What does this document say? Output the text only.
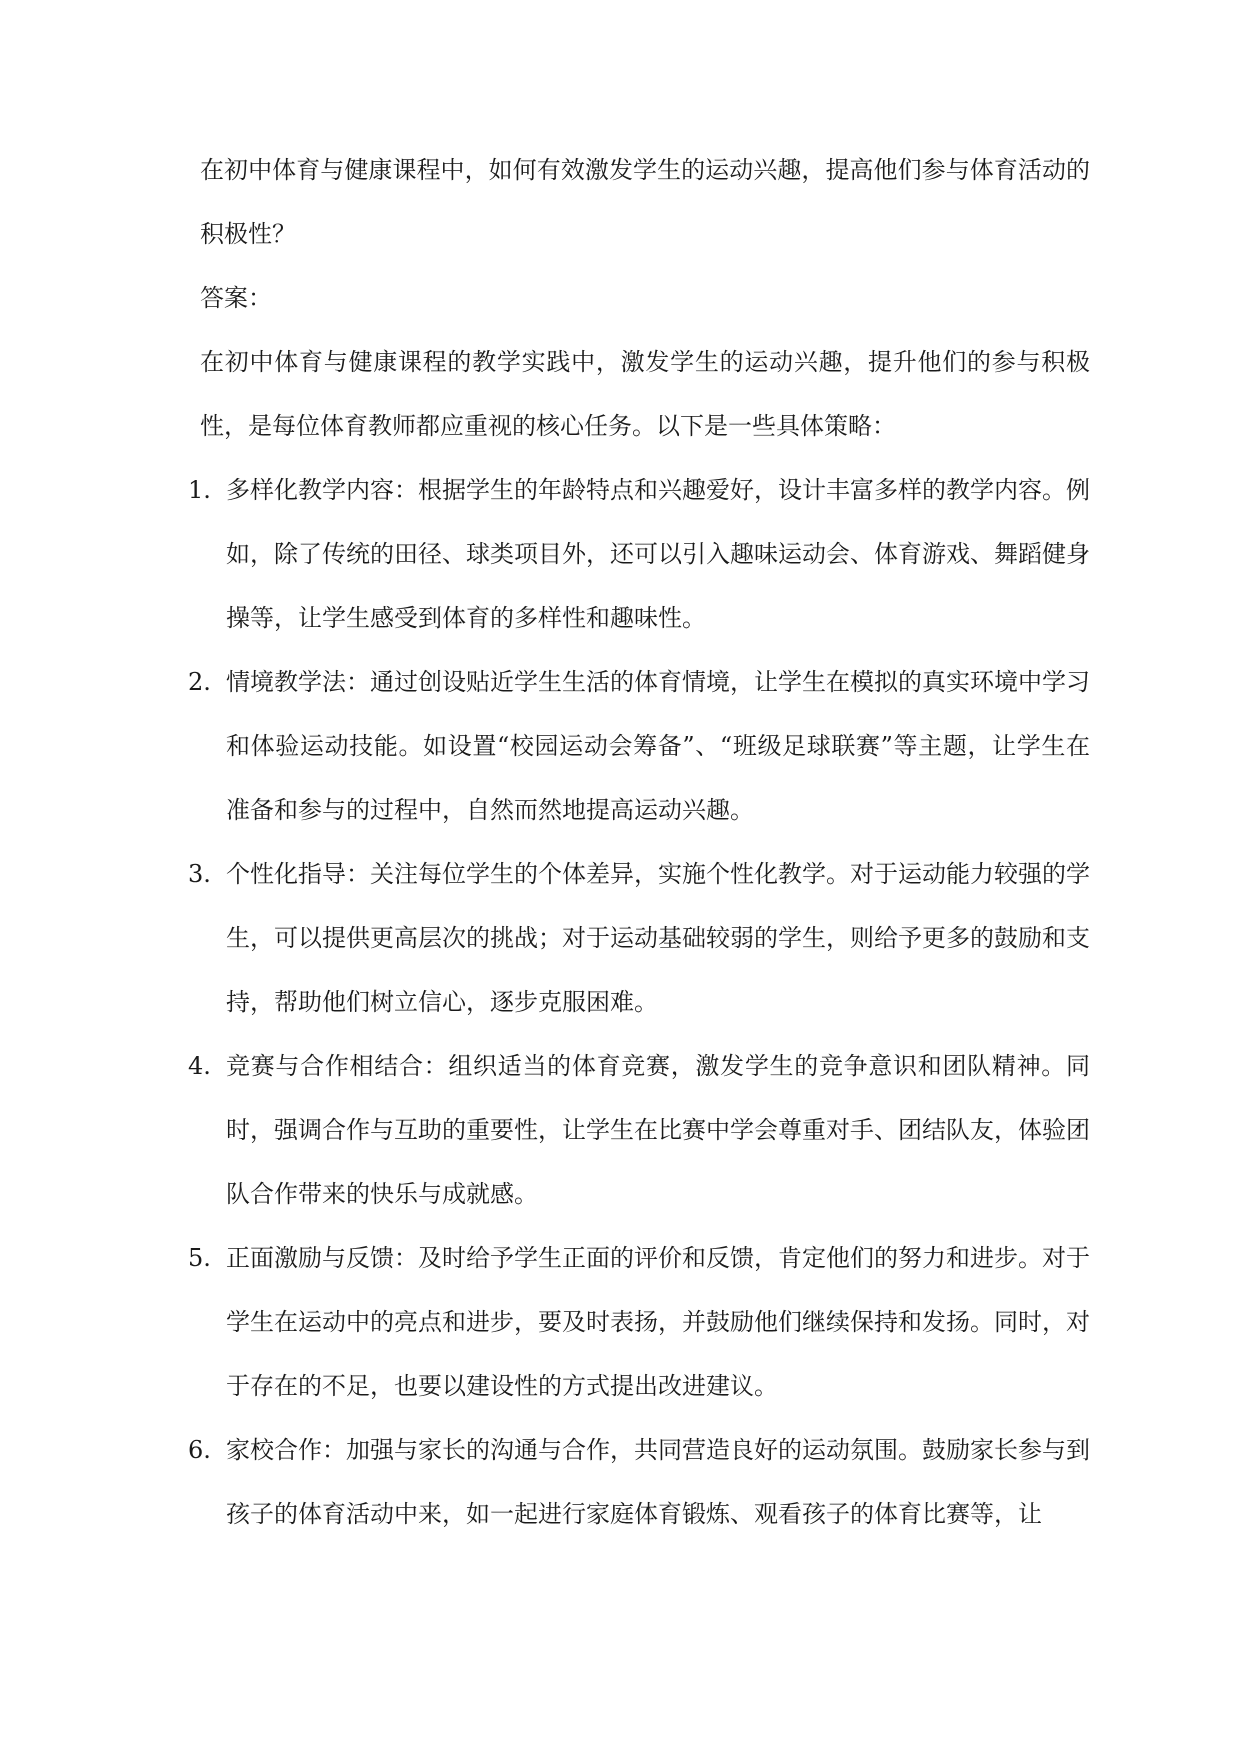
在初中体育与健康课程中，如何有效激发学生的运动兴趣，提高他们参与体育活动的积极性？

答案：

在初中体育与健康课程的教学实践中，激发学生的运动兴趣，提升他们的参与积极性，是每位体育教师都应重视的核心任务。以下是一些具体策略：

1. 多样化教学内容：根据学生的年龄特点和兴趣爱好，设计丰富多样的教学内容。例如，除了传统的田径、球类项目外，还可以引入趣味运动会、体育游戏、舞蹈健身操等，让学生感受到体育的多样性和趣味性。
2. 情境教学法：通过创设贴近学生生活的体育情境，让学生在模拟的真实环境中学习和体验运动技能。如设置“校园运动会筹备”、“班级足球联赛”等主题，让学生在准备和参与的过程中，自然而然地提高运动兴趣。
3. 个性化指导：关注每位学生的个体差异，实施个性化教学。对于运动能力较强的学生，可以提供更高层次的挑战；对于运动基础较弱的学生，则给予更多的鼓励和支持，帮助他们树立信心，逐步克服困难。
4. 竞赛与合作相结合：组织适当的体育竞赛，激发学生的竞争意识和团队精神。同时，强调合作与互助的重要性，让学生在比赛中学会尊重对手、团结队友，体验团队合作带来的快乐与成就感。
5. 正面激励与反馈：及时给予学生正面的评价和反馈，肯定他们的努力和进步。对于学生在运动中的亮点和进步，要及时表扬，并鼓励他们继续保持和发扬。同时，对于存在的不足，也要以建设性的方式提出改进建议。
6. 家校合作：加强与家长的沟通与合作，共同营造良好的运动氛围。鼓励家长参与到孩子的体育活动中来，如一起进行家庭体育锻炼、观看孩子的体育比赛等，让
